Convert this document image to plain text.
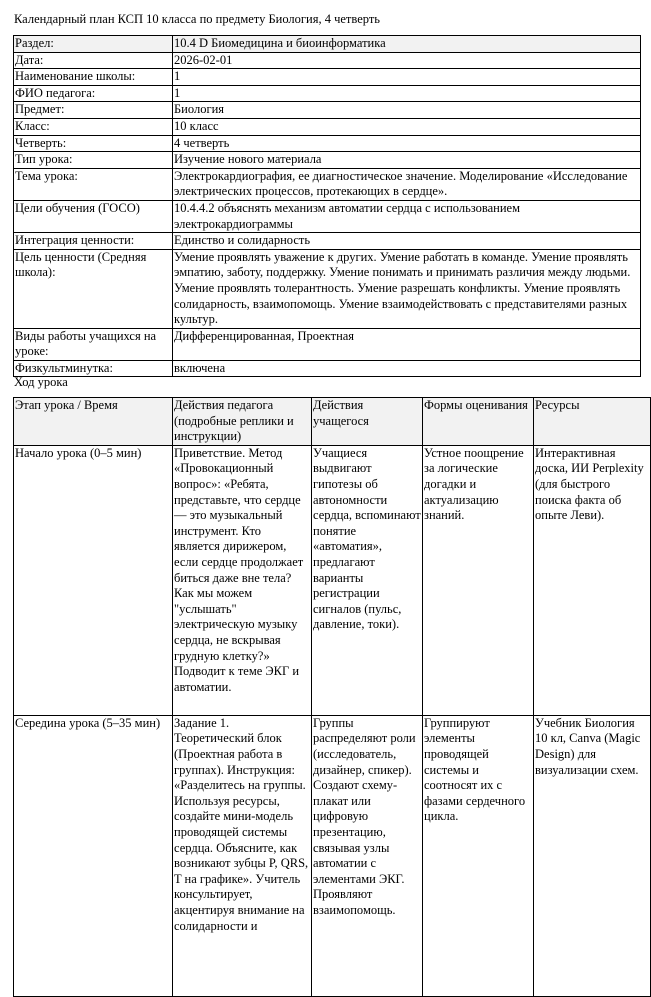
Календарный план КСП 10 класса по предмету Биология, 4 четверть
Раздел:	10.4 D Биомедицина и биоинформатика
Дата:	2026-02-01
Наименование школы:	1
ФИО педагога:	1
Предмет:	Биология
Класс:	10 класс
Четверть:	4 четверть
Тип урока:	Изучение нового материала
Тема урока:	Электрокардиография, ее диагностическое значение. Моделирование «Исследование электрических процессов, протекающих в сердце».
Цели обучения (ГОСО)	10.4.4.2 объяснять механизм автоматии сердца с использованием электрокардиограммы
Интеграция ценности:	Единство и солидарность
Цель ценности (Средняя школа):	Умение проявлять уважение к других. Умение работать в команде. Умение проявлять эмпатию, заботу, поддержку. Умение понимать и принимать различия между людьми. Умение проявлять толерантность. Умение разрешать конфликты. Умение проявлять солидарность, взаимопомощь. Умение взаимодействовать с представителями разных культур.
Виды работы учащихся на уроке:	Дифференцированная, Проектная
Физкультминутка:	включена
Ход урока
Этап урока / Время	Действия педагога (подробные реплики и инструкции)	Действия учащегося	Формы оценивания	Ресурсы
Начало урока (0–5 мин)	Приветствие. Метод «Провокационный вопрос»: «Ребята, представьте, что сердце — это музыкальный инструмент. Кто является дирижером, если сердце продолжает биться даже вне тела? Как мы можем "услышать" электрическую музыку сердца, не вскрывая грудную клетку?» Подводит к теме ЭКГ и автоматии.	Учащиеся выдвигают гипотезы об автономности сердца, вспоминают понятие «автоматия», предлагают варианты регистрации сигналов (пульс, давление, токи).	Устное поощрение за логические догадки и актуализацию знаний.	Интерактивная доска, ИИ Perplexity (для быстрого поиска факта об опыте Леви).
Середина урока (5–35 мин)	Задание 1. Теоретический блок (Проектная работа в группах). Инструкция: «Разделитесь на группы. Используя ресурсы, создайте мини-модель проводящей системы сердца. Объясните, как возникают зубцы P, QRS, T на графике». Учитель консультирует, акцентируя внимание на солидарности и	Группы распределяют роли (исследователь, дизайнер, спикер). Создают схему-плакат или цифровую презентацию, связывая узлы автоматии с элементами ЭКГ. Проявляют взаимопомощь.	Группируют элементы проводящей системы и соотносят их с фазами сердечного цикла.	Учебник Биология 10 кл, Canva (Magic Design) для визуализации схем.
